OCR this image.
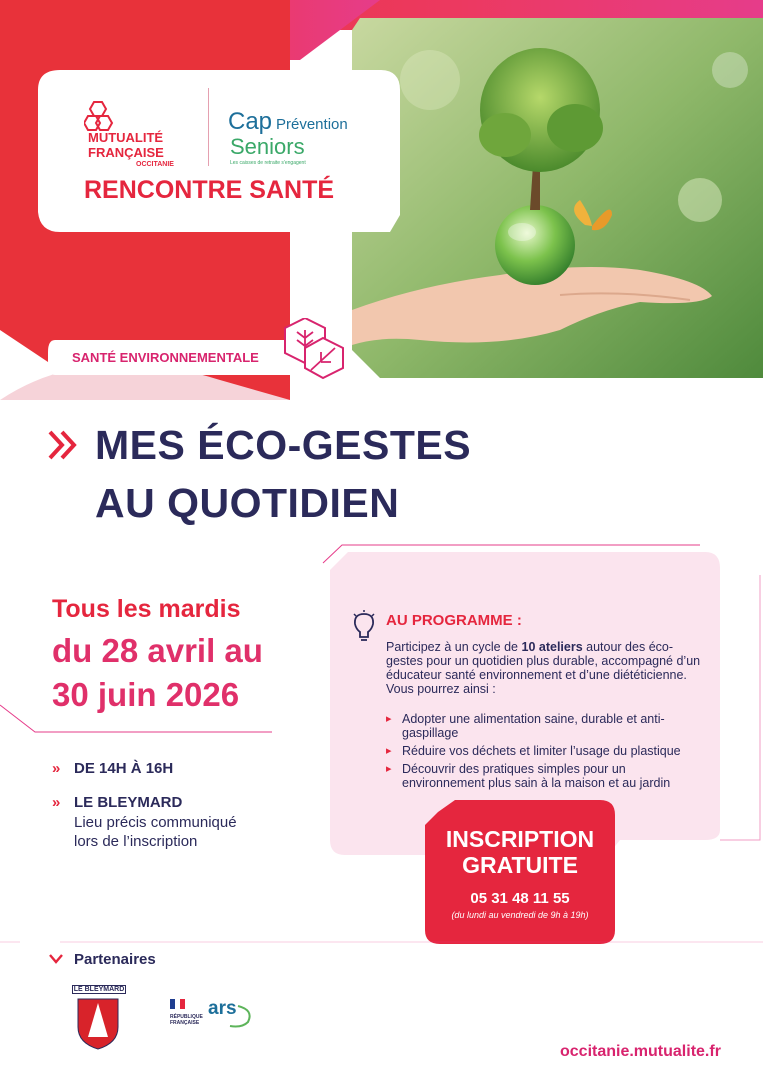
MUTUALITÉ
FRANÇAISE
OCCITANIE
Cap Prévention
Seniors
Les caisses de retraite s'engagent
RENCONTRE SANTÉ
SANTÉ ENVIRONNEMENTALE
MES ÉCO-GESTES
AU QUOTIDIEN
Tous les mardis
du 28 avril au
30 juin 2026
» DE 14H À 16H
» LE BLEYMARD
Lieu précis communiqué
lors de l’inscription
AU PROGRAMME :
Participez à un cycle de 10 ateliers autour des éco-gestes pour un quotidien plus durable, accompagné d’un éducateur santé environnement et d’une diététicienne.
Vous pourrez ainsi :
▸ Adopter une alimentation saine, durable et anti-gaspillage
▸ Réduire vos déchets et limiter l’usage du plastique
▸ Découvrir des pratiques simples pour un environnement plus sain à la maison et au jardin
INSCRIPTION
GRATUITE
05 31 48 11 55
(du lundi au vendredi de 9h à 19h)
Partenaires
LE BLEYMARD
RÉPUBLIQUE
FRANÇAISE
ars
occitanie.mutualite.fr
